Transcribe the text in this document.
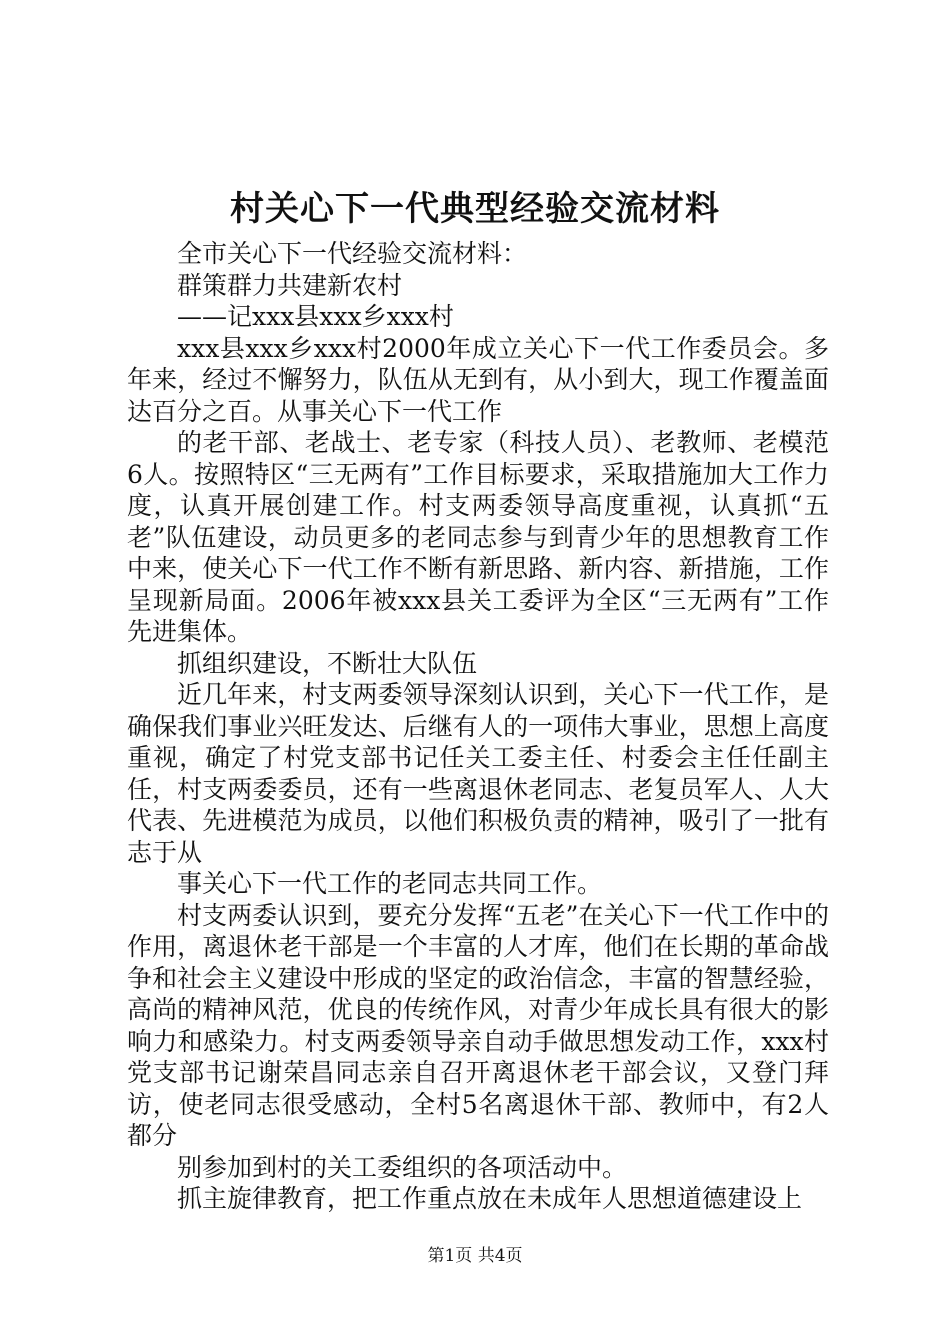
村关心下一代典型经验交流材料

全市关心下一代经验交流材料：

群策群力共建新农村

——记xxx县xxx乡xxx村

xxx县xxx乡xxx村2000年成立关心下一代工作委员会。多年来，经过不懈努力，队伍从无到有，从小到大，现工作覆盖面达百分之百。从事关心下一代工作

的老干部、老战士、老专家（科技人员）、老教师、老模范6人。按照特区“三无两有”工作目标要求，采取措施加大工作力度，认真开展创建工作。村支两委领导高度重视，认真抓“五老”队伍建设，动员更多的老同志参与到青少年的思想教育工作中来，使关心下一代工作不断有新思路、新内容、新措施，工作呈现新局面。2006年被xxx县关工委评为全区“三无两有”工作先进集体。

抓组织建设，不断壮大队伍

近几年来，村支两委领导深刻认识到，关心下一代工作，是确保我们事业兴旺发达、后继有人的一项伟大事业，思想上高度重视，确定了村党支部书记任关工委主任、村委会主任任副主任，村支两委委员，还有一些离退休老同志、老复员军人、人大代表、先进模范为成员，以他们积极负责的精神，吸引了一批有志于从

事关心下一代工作的老同志共同工作。

村支两委认识到，要充分发挥“五老”在关心下一代工作中的作用，离退休老干部是一个丰富的人才库，他们在长期的革命战争和社会主义建设中形成的坚定的政治信念，丰富的智慧经验，高尚的精神风范，优良的传统作风，对青少年成长具有很大的影响力和感染力。村支两委领导亲自动手做思想发动工作，xxx村党支部书记谢荣昌同志亲自召开离退休老干部会议，又登门拜访，使老同志很受感动，全村5名离退休干部、教师中，有2人都分

别参加到村的关工委组织的各项活动中。

抓主旋律教育，把工作重点放在未成年人思想道德建设上

第1页 共4页
